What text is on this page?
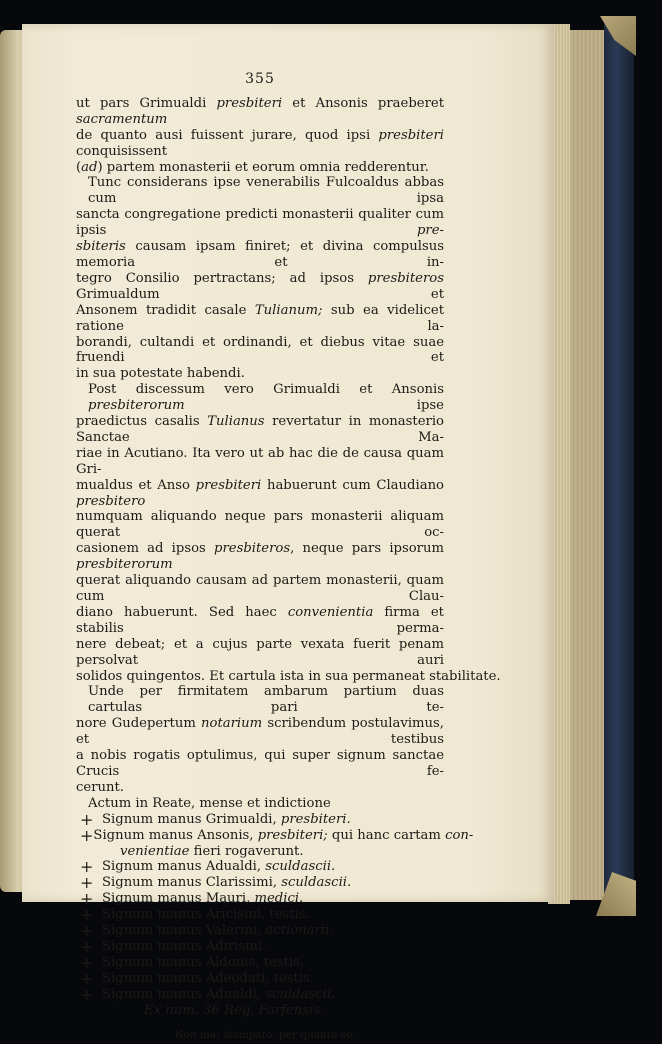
355
ut pars Grimualdi presbiteri et Ansonis praeberet sacramentum
de quanto ausi fuissent jurare, quod ipsi presbiteri conquisissent
(ad) partem monasterii et eorum omnia redderentur.
Tunc considerans ipse venerabilis Fulcoaldus abbas cum ipsa
sancta congregatione predicti monasterii qualiter cum ipsis pre-
sbiteris causam ipsam finiret; et divina compulsus memoria et in-
tegro Consilio pertractans; ad ipsos presbiteros Grimualdum et
Ansonem tradidit casale Tulianum; sub ea videlicet ratione la-
borandi, cultandi et ordinandi, et diebus vitae suae fruendi et
in sua potestate habendi.
Post discessum vero Grimualdi et Ansonis presbiterorum ipse
praedictus casalis Tulianus revertatur in monasterio Sanctae Ma-
riae in Acutiano. Ita vero ut ab hac die de causa quam Gri-
mualdus et Anso presbiteri habuerunt cum Claudiano presbitero
numquam aliquando neque pars monasterii aliquam querat oc-
casionem ad ipsos presbiteros, neque pars ipsorum presbiterorum
querat aliquando causam ad partem monasterii, quam cum Clau-
diano habuerunt. Sed haec convenientia firma et stabilis perma-
nere debeat; et a cujus parte vexata fuerit penam persolvat auri
solidos quingentos. Et cartula ista in sua permaneat stabilitate.
Unde per firmitatem ambarum partium duas cartulas pari te-
nore Gudepertum notarium scribendum postulavimus, et testibus
a nobis rogatis optulimus, qui super signum sanctae Crucis fe-
cerunt.
Actum in Reate, mense et indictione
+ Signum manus Grimualdi, presbiteri.
+ Signum manus Ansonis, presbiteri; qui hanc cartam con-
venientiae fieri rogaverunt.
+ Signum manus Adualdi, sculdascii.
+ Signum manus Clarissimi, sculdascii.
+ Signum manus Mauri, medici.
+ Signum manus Aricisini, testis.
+ Signum manus Valerini, actionarii.
+ Signum manus Adirisini.
+ Signum manus Aldonis, testis.
+ Signum manus Adeodati, testis.
+ Signum manus Adualdi, sculdascii.
Ex num. 36 Reg. Farfensis.
Non mai stampato, per quanto so.
